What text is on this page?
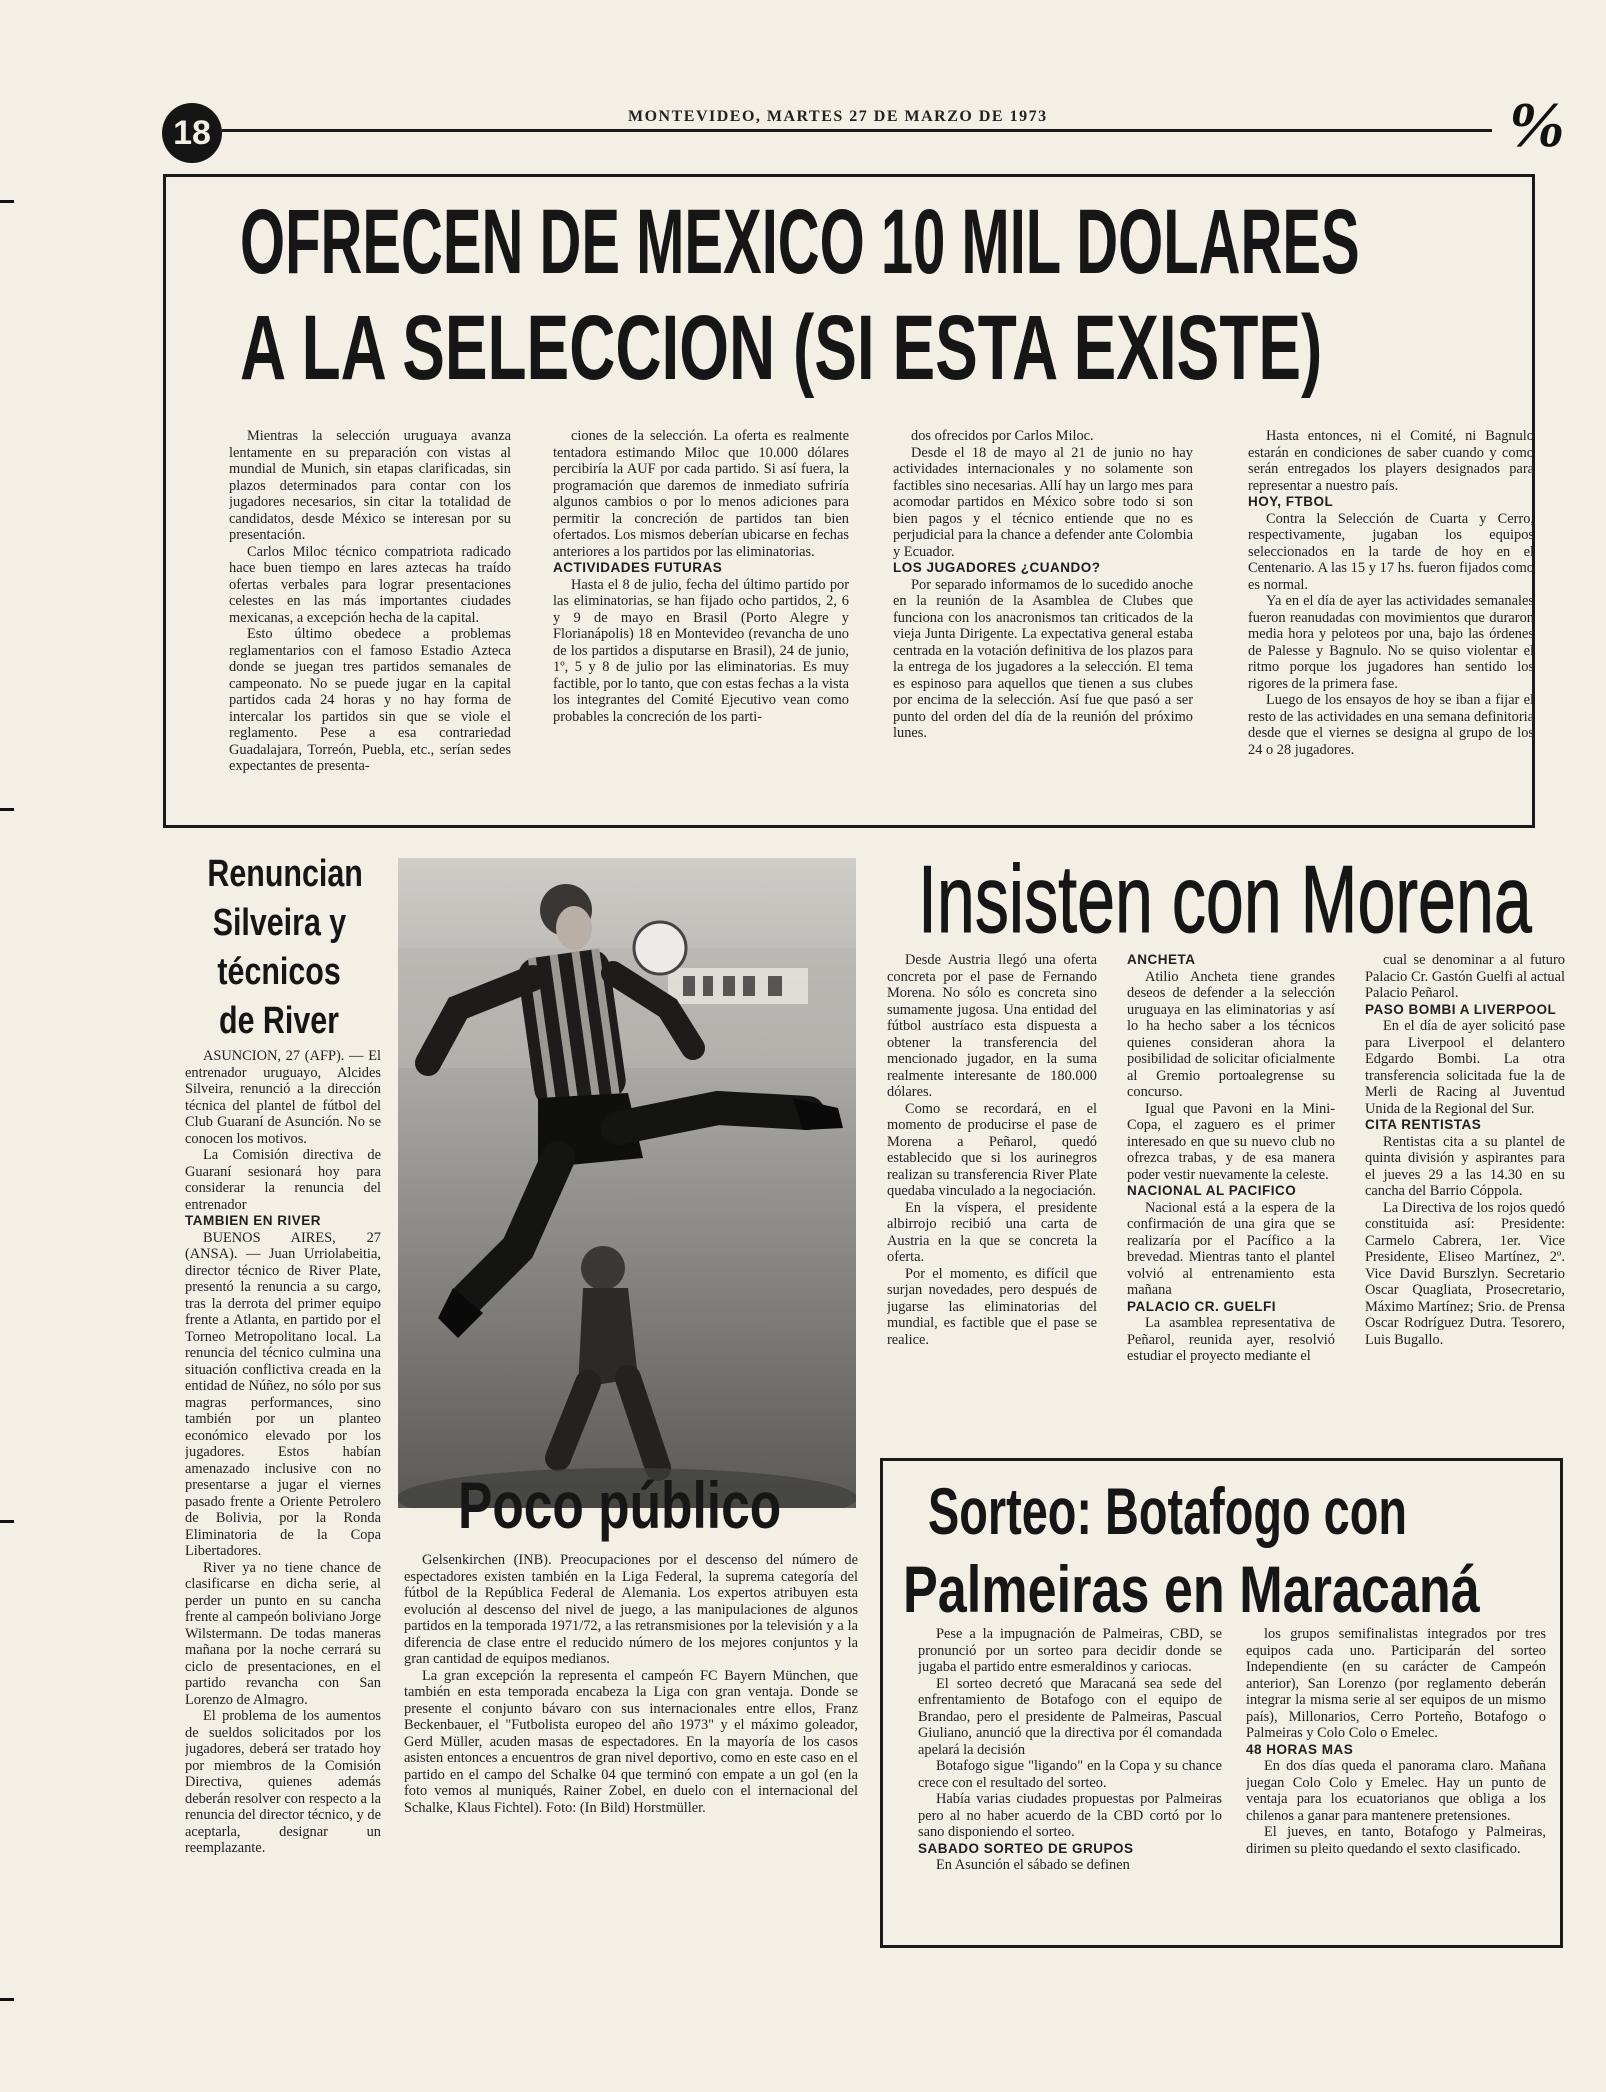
18	MONTEVIDEO, MARTES 27 DE MARZO DE 1973	%
OFRECEN DE MEXICO 10 MIL DOLARES
A LA SELECCION (SI ESTA EXISTE)

Mientras la selección uruguaya avanza lentamente en su preparación con vistas al mundial de Munich, sin etapas clarificadas, sin plazos determinados para contar con los jugadores necesarios, sin citar la totalidad de candidatos, desde México se interesan por su presentación.

Carlos Miloc técnico compatriota radicado hace buen tiempo en lares aztecas ha traído ofertas verbales para lograr presentaciones celestes en las más importantes ciudades mexicanas, a excepción hecha de la capital.

Esto último obedece a problemas reglamentarios con el famoso Estadio Azteca donde se juegan tres partidos semanales de campeonato. No se puede jugar en la capital partidos cada 24 horas y no hay forma de intercalar los partidos sin que se viole el reglamento. Pese a esa contrariedad Guadalajara, Torreón, Puebla, etc., serían sedes expectantes de presenta-

ciones de la selección. La oferta es realmente tentadora estimando Miloc que 10.000 dólares percibiría la AUF por cada partido. Si así fuera, la programación que daremos de inmediato sufriría algunos cambios o por lo menos adiciones para permitir la concreción de partidos tan bien ofertados. Los mismos deberían ubicarse en fechas anteriores a los partidos por las eliminatorias.

ACTIVIDADES FUTURAS

Hasta el 8 de julio, fecha del último partido por las eliminatorias, se han fijado ocho partidos, 2, 6 y 9 de mayo en Brasil (Porto Alegre y Florianápolis) 18 en Montevideo (revancha de uno de los partidos a disputarse en Brasil), 24 de junio, 1º, 5 y 8 de julio por las eliminatorias. Es muy factible, por lo tanto, que con estas fechas a la vista los integrantes del Comité Ejecutivo vean como probables la concreción de los parti-

dos ofrecidos por Carlos Miloc.

Desde el 18 de mayo al 21 de junio no hay actividades internacionales y no solamente son factibles sino necesarias. Allí hay un largo mes para acomodar partidos en México sobre todo si son bien pagos y el técnico entiende que no es perjudicial para la chance a defender ante Colombia y Ecuador.

LOS JUGADORES ¿CUANDO?

Por separado informamos de lo sucedido anoche en la reunión de la Asamblea de Clubes que funciona con los anacronismos tan criticados de la vieja Junta Dirigente. La expectativa general estaba centrada en la votación definitiva de los plazos para la entrega de los jugadores a la selección. El tema es espinoso para aquellos que tienen a sus clubes por encima de la selección. Así fue que pasó a ser punto del orden del día de la reunión del próximo lunes.

Hasta entonces, ni el Comité, ni Bagnulo estarán en condiciones de saber cuando y como serán entregados los players designados para representar a nuestro país.

HOY, FTBOL

Contra la Selección de Cuarta y Cerro, respectivamente, jugaban los equipos seleccionados en la tarde de hoy en el Centenario. A las 15 y 17 hs. fueron fijados como es normal.

Ya en el día de ayer las actividades semanales fueron reanudadas con movimientos que duraron media hora y peloteos por una, bajo las órdenes de Palesse y Bagnulo. No se quiso violentar el ritmo porque los jugadores han sentido los rigores de la primera fase.

Luego de los ensayos de hoy se iban a fijar el resto de las actividades en una semana definitoria desde que el viernes se designa al grupo de los 24 o 28 jugadores.

Renuncian Silveira y técnicos de River

ASUNCION, 27 (AFP). — El entrenador uruguayo, Alcides Silveira, renunció a la dirección técnica del plantel de fútbol del Club Guaraní de Asunción. No se conocen los motivos.

La Comisión directiva de Guaraní sesionará hoy para considerar la renuncia del entrenador

TAMBIEN EN RIVER

BUENOS AIRES, 27 (ANSA). — Juan Urriolabeitia, director técnico de River Plate, presentó la renuncia a su cargo, tras la derrota del primer equipo frente a Atlanta, en partido por el Torneo Metropolitano local. La renuncia del técnico culmina una situación conflictiva creada en la entidad de Núñez, no sólo por sus magras performances, sino también por un planteo económico elevado por los jugadores. Estos habían amenazado inclusive con no presentarse a jugar el viernes pasado frente a Oriente Petrolero de Bolivia, por la Ronda Eliminatoria de la Copa Libertadores.

River ya no tiene chance de clasificarse en dicha serie, al perder un punto en su cancha frente al campeón boliviano Jorge Wilstermann. De todas maneras mañana por la noche cerrará su ciclo de presentaciones, en el partido revancha con San Lorenzo de Almagro.

El problema de los aumentos de sueldos solicitados por los jugadores, deberá ser tratado hoy por miembros de la Comisión Directiva, quienes además deberán resolver con respecto a la renuncia del director técnico, y de aceptarla, designar un reemplazante.

Insisten con Morena

Desde Austria llegó una oferta concreta por el pase de Fernando Morena. No sólo es concreta sino sumamente jugosa. Una entidad del fútbol austríaco esta dispuesta a obtener la transferencia del mencionado jugador, en la suma realmente interesante de 180.000 dólares.

Como se recordará, en el momento de producirse el pase de Morena a Peñarol, quedó establecido que si los aurinegros realizan su transferencia River Plate quedaba vinculado a la negociación.

En la víspera, el presidente albirrojo recibió una carta de Austria en la que se concreta la oferta.

Por el momento, es difícil que surjan novedades, pero después de jugarse las eliminatorias del mundial, es factible que el pase se realice.

ANCHETA

Atilio Ancheta tiene grandes deseos de defender a la selección uruguaya en las eliminatorias y así lo ha hecho saber a los técnicos quienes consideran ahora la posibilidad de solicitar oficialmente al Gremio portoalegrense su concurso.

Igual que Pavoni en la Mini-Copa, el zaguero es el primer interesado en que su nuevo club no ofrezca trabas, y de esa manera poder vestir nuevamente la celeste.

NACIONAL AL PACIFICO

Nacional está a la espera de la confirmación de una gira que se realizaría por el Pacífico a la brevedad. Mientras tanto el plantel volvió al entrenamiento esta mañana

PALACIO CR. GUELFI

La asamblea representativa de Peñarol, reunida ayer, resolvió estudiar el proyecto mediante el

cual se denominar a al futuro Palacio Cr. Gastón Guelfi al actual Palacio Peñarol.

PASO BOMBI A LIVERPOOL

En el día de ayer solicitó pase para Liverpool el delantero Edgardo Bombi. La otra transferencia solicitada fue la de Merli de Racing al Juventud Unida de la Regional del Sur.

CITA RENTISTAS

Rentistas cita a su plantel de quinta división y aspirantes para el jueves 29 a las 14.30 en su cancha del Barrio Cóppola.

La Directiva de los rojos quedó constituida así: Presidente: Carmelo Cabrera, 1er. Vice Presidente, Eliseo Martínez, 2º. Vice David Burszlyn. Secretario Oscar Quagliata, Prosecretario, Máximo Martínez; Srio. de Prensa Oscar Rodríguez Dutra. Tesorero, Luis Bugallo.

Poco público

Gelsenkirchen (INB). Preocupaciones por el descenso del número de espectadores existen también en la Liga Federal, la suprema categoría del fútbol de la República Federal de Alemania. Los expertos atribuyen esta evolución al descenso del nivel de juego, a las manipulaciones de algunos partidos en la temporada 1971/72, a las retransmisiones por la televisión y a la diferencia de clase entre el reducido número de los mejores conjuntos y la gran cantidad de equipos medianos.

La gran excepción la representa el campeón FC Bayern München, que también en esta temporada encabeza la Liga con gran ventaja. Donde se presente el conjunto bávaro con sus internacionales entre ellos, Franz Beckenbauer, el "Futbolista europeo del año 1973" y el máximo goleador, Gerd Müller, acuden masas de espectadores. En la mayoría de los casos asisten entonces a encuentros de gran nivel deportivo, como en este caso en el partido en el campo del Schalke 04 que terminó con empate a un gol (en la foto vemos al muniqués, Rainer Zobel, en duelo con el internacional del Schalke, Klaus Fichtel). Foto: (In Bild) Horstmüller.

Sorteo: Botafogo con
Palmeiras en Maracaná

Pese a la impugnación de Palmeiras, CBD, se pronunció por un sorteo para decidir donde se jugaba el partido entre esmeraldinos y cariocas.

El sorteo decretó que Maracaná sea sede del enfrentamiento de Botafogo con el equipo de Brandao, pero el presidente de Palmeiras, Pascual Giuliano, anunció que la directiva por él comandada apelará la decisión

Botafogo sigue "ligando" en la Copa y su chance crece con el resultado del sorteo.

Había varias ciudades propuestas por Palmeiras pero al no haber acuerdo de la CBD cortó por lo sano disponiendo el sorteo.

SABADO SORTEO DE GRUPOS

En Asunción el sábado se definen

los grupos semifinalistas integrados por tres equipos cada uno. Participarán del sorteo Independiente (en su carácter de Campeón anterior), San Lorenzo (por reglamento deberán integrar la misma serie al ser equipos de un mismo país), Millonarios, Cerro Porteño, Botafogo o Palmeiras y Colo Colo o Emelec.

48 HORAS MAS

En dos días queda el panorama claro. Mañana juegan Colo Colo y Emelec. Hay un punto de ventaja para los ecuatorianos que obliga a los chilenos a ganar para mantenere pretensiones.

El jueves, en tanto, Botafogo y Palmeiras, dirimen su pleito quedando el sexto clasificado.
